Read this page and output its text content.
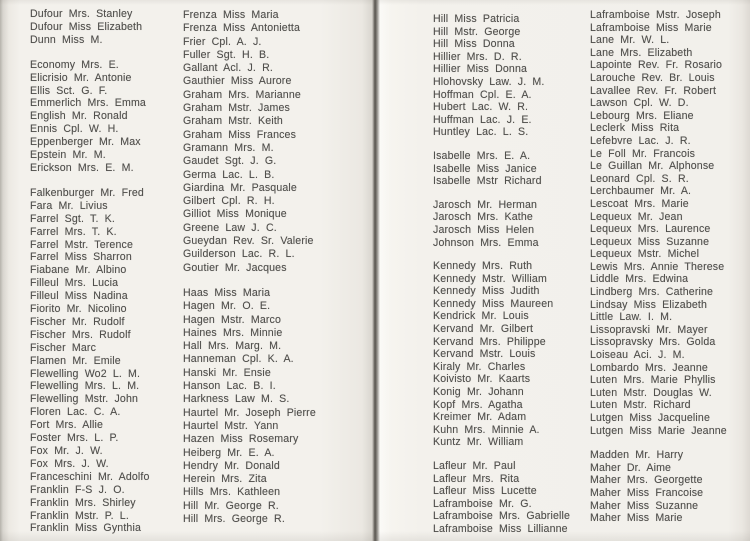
Dufour Mrs. Stanley
Dufour Miss Elizabeth
Dunn Miss M.
Economy Mrs. E.
Elicrisio Mr. Antonie
Ellis Sct. G. F.
Emmerlich Mrs. Emma
English Mr. Ronald
Ennis Cpl. W. H.
Eppenberger Mr. Max
Epstein Mr. M.
Erickson Mrs. E. M.
Falkenburger Mr. Fred
Fara Mr. Livius
Farrel Sgt. T. K.
Farrel Mrs. T. K.
Farrel Mstr. Terence
Farrel Miss Sharron
Fiabane Mr. Albino
Filleul Mrs. Lucia
Filleul Miss Nadina
Fiorito Mr. Nicolino
Fischer Mr. Rudolf
Fischer Mrs. Rudolf
Fischer Marc
Flamen Mr. Emile
Flewelling Wo2 L. M.
Flewelling Mrs. L. M.
Flewelling Mstr. John
Floren Lac. C. A.
Fort Mrs. Allie
Foster Mrs. L. P.
Fox Mr. J. W.
Fox Mrs. J. W.
Franceschini Mr. Adolfo
Franklin F-S J. O.
Franklin Mrs. Shirley
Franklin Mstr. P. L.
Franklin Miss Gynthia
Frenza Miss Maria
Frenza Miss Antonietta
Frier Cpl. A. J.
Fuller Sgt. H. B.
Gallant Acl. J. R.
Gauthier Miss Aurore
Graham Mrs. Marianne
Graham Mstr. James
Graham Mstr. Keith
Graham Miss Frances
Gramann Mrs. M.
Gaudet Sgt. J. G.
Germa Lac. L. B.
Giardina Mr. Pasquale
Gilbert Cpl. R. H.
Gilliot Miss Monique
Greene Law J. C.
Gueydan Rev. Sr. Valerie
Guilderson Lac. R. L.
Goutier Mr. Jacques
Haas Miss Maria
Hagen Mr. O. E.
Hagen Mstr. Marco
Haines Mrs. Minnie
Hall Mrs. Marg. M.
Hanneman Cpl. K. A.
Hanski Mr. Ensie
Hanson Lac. B. I.
Harkness Law M. S.
Haurtel Mr. Joseph Pierre
Haurtel Mstr. Yann
Hazen Miss Rosemary
Heiberg Mr. E. A.
Hendry Mr. Donald
Herein Mrs. Zita
Hills Mrs. Kathleen
Hill Mr. George R.
Hill Mrs. George R.
Hill Miss Patricia
Hill Mstr. George
Hill Miss Donna
Hillier Mrs. D. R.
Hillier Miss Donna
Hlohovsky Law. J. M.
Hoffman Cpl. E. A.
Hubert Lac. W. R.
Huffman Lac. J. E.
Huntley Lac. L. S.
Isabelle Mrs. E. A.
Isabelle Miss Janice
Isabelle Mstr Richard
Jarosch Mr. Herman
Jarosch Mrs. Kathe
Jarosch Miss Helen
Johnson Mrs. Emma
Kennedy Mrs. Ruth
Kennedy Mstr. William
Kennedy Miss Judith
Kennedy Miss Maureen
Kendrick Mr. Louis
Kervand Mr. Gilbert
Kervand Mrs. Philippe
Kervand Mstr. Louis
Kiraly Mr. Charles
Koivisto Mr. Kaarts
Konig Mr. Johann
Kopf Mrs. Agatha
Kreimer Mr. Adam
Kuhn Mrs. Minnie A.
Kuntz Mr. William
Lafleur Mr. Paul
Lafleur Mrs. Rita
Lafleur Miss Lucette
Laframboise Mr. G.
Laframboise Mrs. Gabrielle
Laframboise Miss Lillianne
Laframboise Mstr. Joseph
Laframboise Miss Marie
Lane Mr. W. L.
Lane Mrs. Elizabeth
Lapointe Rev. Fr. Rosario
Larouche Rev. Br. Louis
Lavallee Rev. Fr. Robert
Lawson Cpl. W. D.
Lebourg Mrs. Eliane
Leclerk Miss Rita
Lefebvre Lac. J. R.
Le Foll Mr. Francois
Le Guillan Mr. Alphonse
Leonard Cpl. S. R.
Lerchbaumer Mr. A.
Lescoat Mrs. Marie
Lequeux Mr. Jean
Lequeux Mrs. Laurence
Lequeux Miss Suzanne
Lequeux Mstr. Michel
Lewis Mrs. Annie Therese
Liddle Mrs. Edwina
Lindberg Mrs. Catherine
Lindsay Miss Elizabeth
Little Law. I. M.
Lissopravski Mr. Mayer
Lissopravsky Mrs. Golda
Loiseau Aci. J. M.
Lombardo Mrs. Jeanne
Luten Mrs. Marie Phyllis
Luten Mstr. Douglas W.
Luten Mstr. Richard
Lutgen Miss Jacqueline
Lutgen Miss Marie Jeanne
Madden Mr. Harry
Maher Dr. Aime
Maher Mrs. Georgette
Maher Miss Francoise
Maher Miss Suzanne
Maher Miss Marie
